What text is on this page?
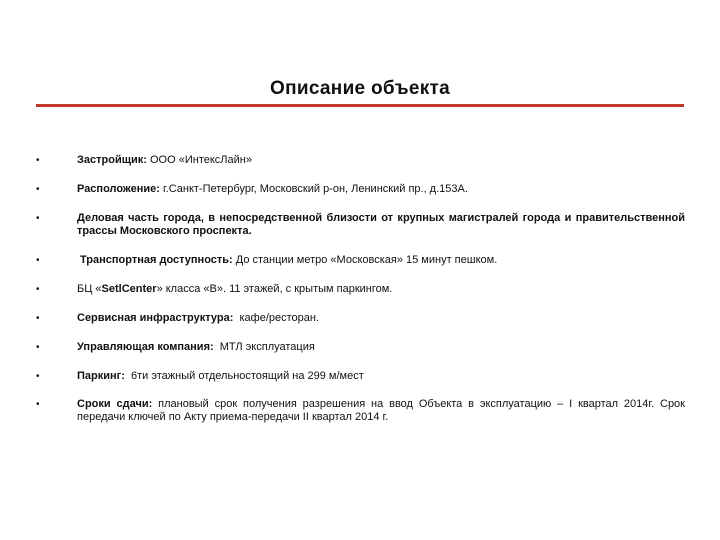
Описание объекта
•	Застройщик: ООО «ИнтексЛайн»
•	Расположение: г.Санкт-Петербург, Московский р-он, Ленинский пр., д.153А.
•	Деловая часть города, в непосредственной близости от крупных магистралей города и правительственной трассы Московского проспекта.
•	Транспортная доступность: До станции метро «Московская» 15 минут пешком.
•	БЦ «SetlCenter» класса «В». 11 этажей, с крытым паркингом.
•	Сервисная инфраструктура:  кафе/ресторан.
•	Управляющая компания:  МТЛ эксплуатация
•	Паркинг:  6ти этажный отдельностоящий на 299 м/мест
•	Сроки сдачи: плановый срок получения разрешения на ввод Объекта в эксплуатацию – I квартал 2014г. Срок передачи ключей по Акту приема-передачи II квартал 2014 г.
